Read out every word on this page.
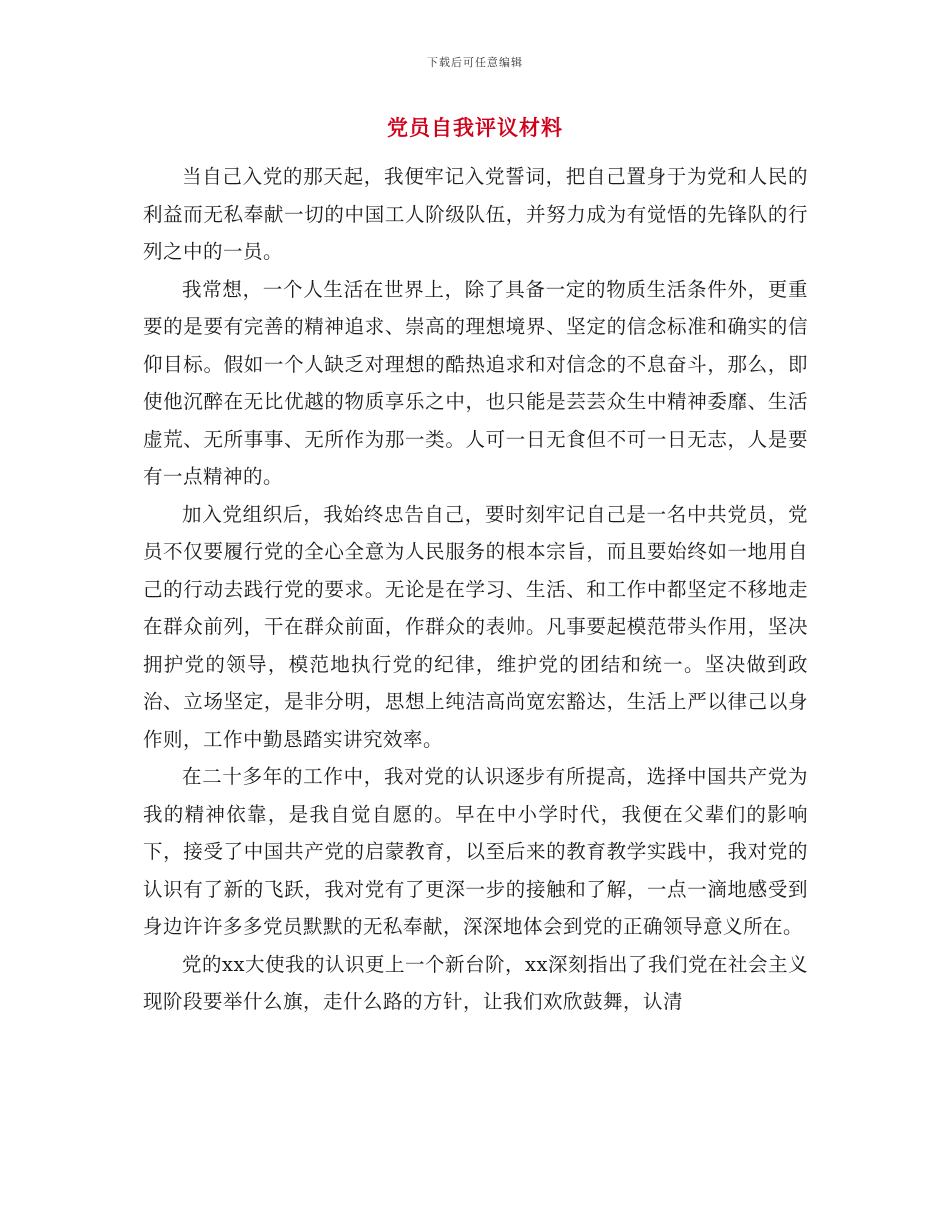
下载后可任意编辑
党员自我评议材料

当自己入党的那天起，我便牢记入党誓词，把自己置身于为党和人民的利益而无私奉献一切的中国工人阶级队伍，并努力成为有觉悟的先锋队的行列之中的一员。

我常想，一个人生活在世界上，除了具备一定的物质生活条件外，更重要的是要有完善的精神追求、崇高的理想境界、坚定的信念标准和确实的信仰目标。假如一个人缺乏对理想的酷热追求和对信念的不息奋斗，那么，即使他沉醉在无比优越的物质享乐之中，也只能是芸芸众生中精神委靡、生活虚荒、无所事事、无所作为那一类。人可一日无食但不可一日无志，人是要有一点精神的。

加入党组织后，我始终忠告自己，要时刻牢记自己是一名中共党员，党员不仅要履行党的全心全意为人民服务的根本宗旨，而且要始终如一地用自己的行动去践行党的要求。无论是在学习、生活、和工作中都坚定不移地走在群众前列，干在群众前面，作群众的表帅。凡事要起模范带头作用，坚决拥护党的领导，模范地执行党的纪律，维护党的团结和统一。坚决做到政治、立场坚定，是非分明，思想上纯洁高尚宽宏豁达，生活上严以律己以身作则，工作中勤恳踏实讲究效率。

在二十多年的工作中，我对党的认识逐步有所提高，选择中国共产党为我的精神依靠，是我自觉自愿的。早在中小学时代，我便在父辈们的影响下，接受了中国共产党的启蒙教育，以至后来的教育教学实践中，我对党的认识有了新的飞跃，我对党有了更深一步的接触和了解，一点一滴地感受到身边许许多多党员默默的无私奉献，深深地体会到党的正确领导意义所在。

党的xx大使我的认识更上一个新台阶，xx深刻指出了我们党在社会主义现阶段要举什么旗，走什么路的方针，让我们欢欣鼓舞，认清
